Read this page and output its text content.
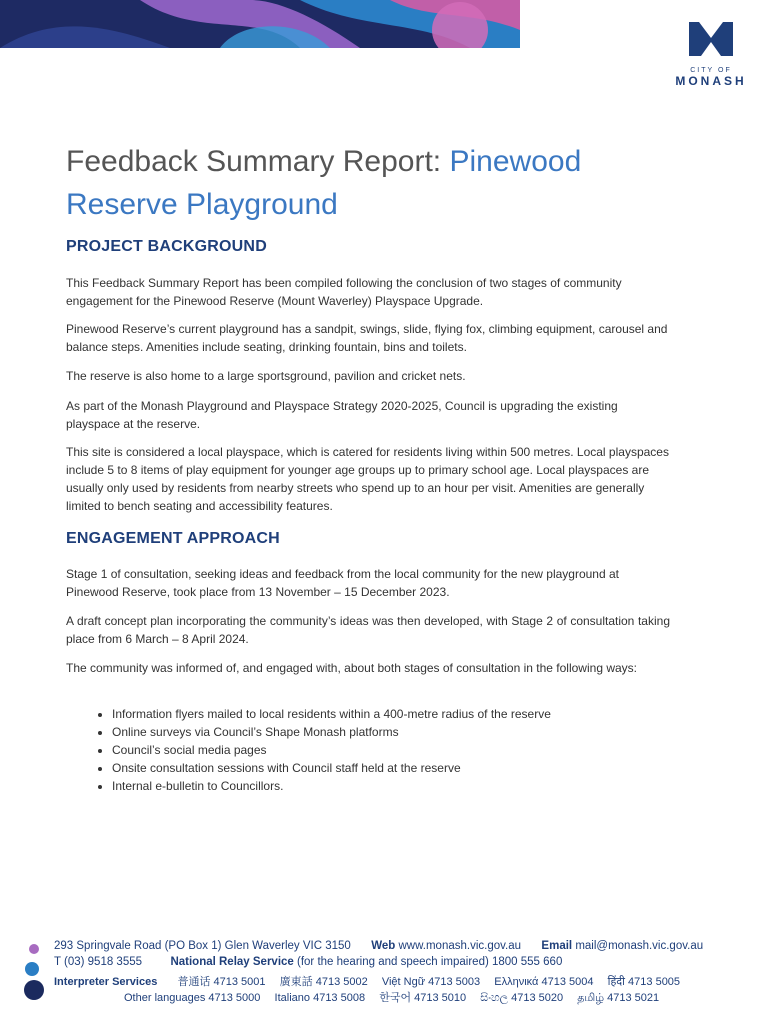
CITY OF
MONASH
Feedback Summary Report: Pinewood Reserve Playground
PROJECT BACKGROUND

This Feedback Summary Report has been compiled following the conclusion of two stages of community engagement for the Pinewood Reserve (Mount Waverley) Playspace Upgrade.

Pinewood Reserve’s current playground has a sandpit, swings, slide, flying fox, climbing equipment, carousel and balance steps. Amenities include seating, drinking fountain, bins and toilets.

The reserve is also home to a large sportsground, pavilion and cricket nets.

As part of the Monash Playground and Playspace Strategy 2020-2025, Council is upgrading the existing playspace at the reserve.

This site is considered a local playspace, which is catered for residents living within 500 metres. Local playspaces include 5 to 8 items of play equipment for younger age groups up to primary school age. Local playspaces are usually only used by residents from nearby streets who spend up to an hour per visit. Amenities are generally limited to bench seating and accessibility features.

ENGAGEMENT APPROACH

Stage 1 of consultation, seeking ideas and feedback from the local community for the new playground at Pinewood Reserve, took place from 13 November – 15 December 2023.

A draft concept plan incorporating the community’s ideas was then developed, with Stage 2 of consultation taking place from 6 March – 8 April 2024.

The community was informed of, and engaged with, about both stages of consultation in the following ways:

• Information flyers mailed to local residents within a 400-metre radius of the reserve
• Online surveys via Council’s Shape Monash platforms
• Council’s social media pages
• Onsite consultation sessions with Council staff held at the reserve
• Internal e-bulletin to Councillors.
293 Springvale Road (PO Box 1) Glen Waverley VIC 3150 Web www.monash.vic.gov.au Email mail@monash.vic.gov.au
T (03) 9518 3555 National Relay Service (for the hearing and speech impaired) 1800 555 660
Interpreter Services 普通话 4713 5001 廣東話 4713 5002 Việt Ngữ 4713 5003 Ελληνικά 4713 5004 हिंदी 4713 5005
Other languages 4713 5000 Italiano 4713 5008 한국어 4713 5010 සිංහල 4713 5020 தமிழ் 4713 5021
